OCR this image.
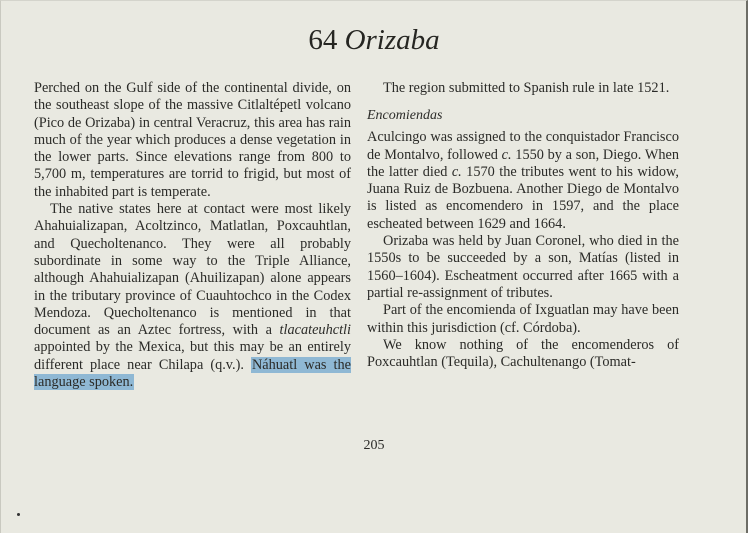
64 Orizaba

Perched on the Gulf side of the continental divide, on the southeast slope of the massive Citlaltépetl volcano (Pico de Orizaba) in central Veracruz, this area has rain much of the year which produces a dense vegetation in the lower parts. Since elevations range from 800 to 5,700 m, temperatures are torrid to frigid, but most of the inhabited part is temperate.

The native states here at contact were most likely Ahahuializapan, Acoltzinco, Matlatlan, Poxcauhtlan, and Quecholtenanco. They were all probably subordinate in some way to the Triple Alliance, although Ahahuializapan (Ahuilizapan) alone appears in the tributary province of Cuauhtochco in the Codex Mendoza. Quecholtenanco is mentioned in that document as an Aztec fortress, with a tlacateuhctli appointed by the Mexica, but this may be an entirely different place near Chilapa (q.v.). Náhuatl was the language spoken.

The region submitted to Spanish rule in late 1521.

Encomiendas

Aculcingo was assigned to the conquistador Francisco de Montalvo, followed c. 1550 by a son, Diego. When the latter died c. 1570 the tributes went to his widow, Juana Ruiz de Bozbuena. Another Diego de Montalvo is listed as encomendero in 1597, and the place escheated between 1629 and 1664.

Orizaba was held by Juan Coronel, who died in the 1550s to be succeeded by a son, Matías (listed in 1560–1604). Escheatment occurred after 1665 with a partial re-assignment of tributes.

Part of the encomienda of Ixguatlan may have been within this jurisdiction (cf. Córdoba).

We know nothing of the encomenderos of Poxcauhtlan (Tequila), Cachultenango (Tomat-

205
